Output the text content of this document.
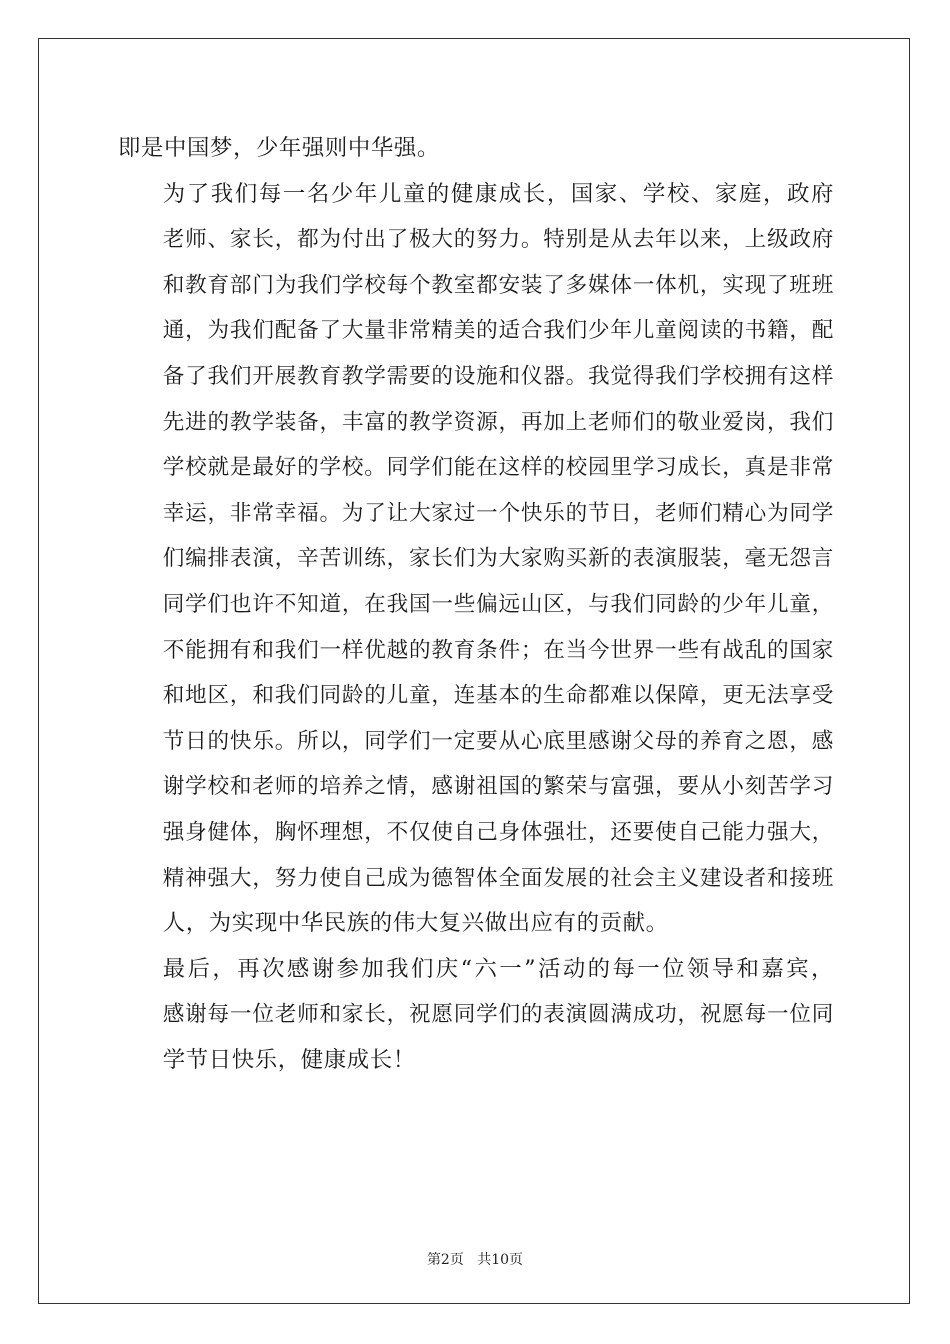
即是中国梦，少年强则中华强。

为了我们每一名少年儿童的健康成长，国家、学校、家庭，政府
老师、家长，都为付出了极大的努力。特别是从去年以来，上级政府
和教育部门为我们学校每个教室都安装了多媒体一体机，实现了班班
通，为我们配备了大量非常精美的适合我们少年儿童阅读的书籍，配
备了我们开展教育教学需要的设施和仪器。我觉得我们学校拥有这样
先进的教学装备，丰富的教学资源，再加上老师们的敬业爱岗，我们
学校就是最好的学校。同学们能在这样的校园里学习成长，真是非常
幸运，非常幸福。为了让大家过一个快乐的节日，老师们精心为同学
们编排表演，辛苦训练，家长们为大家购买新的表演服装，毫无怨言
同学们也许不知道，在我国一些偏远山区，与我们同龄的少年儿童，
不能拥有和我们一样优越的教育条件；在当今世界一些有战乱的国家
和地区，和我们同龄的儿童，连基本的生命都难以保障，更无法享受
节日的快乐。所以，同学们一定要从心底里感谢父母的养育之恩，感
谢学校和老师的培养之情，感谢祖国的繁荣与富强，要从小刻苦学习
强身健体，胸怀理想，不仅使自己身体强壮，还要使自己能力强大，
精神强大，努力使自己成为德智体全面发展的社会主义建设者和接班
人，为实现中华民族的伟大复兴做出应有的贡献。

最后，再次感谢参加我们庆“六一”活动的每一位领导和嘉宾，
感谢每一位老师和家长，祝愿同学们的表演圆满成功，祝愿每一位同
学节日快乐，健康成长！

第2页 共10页
